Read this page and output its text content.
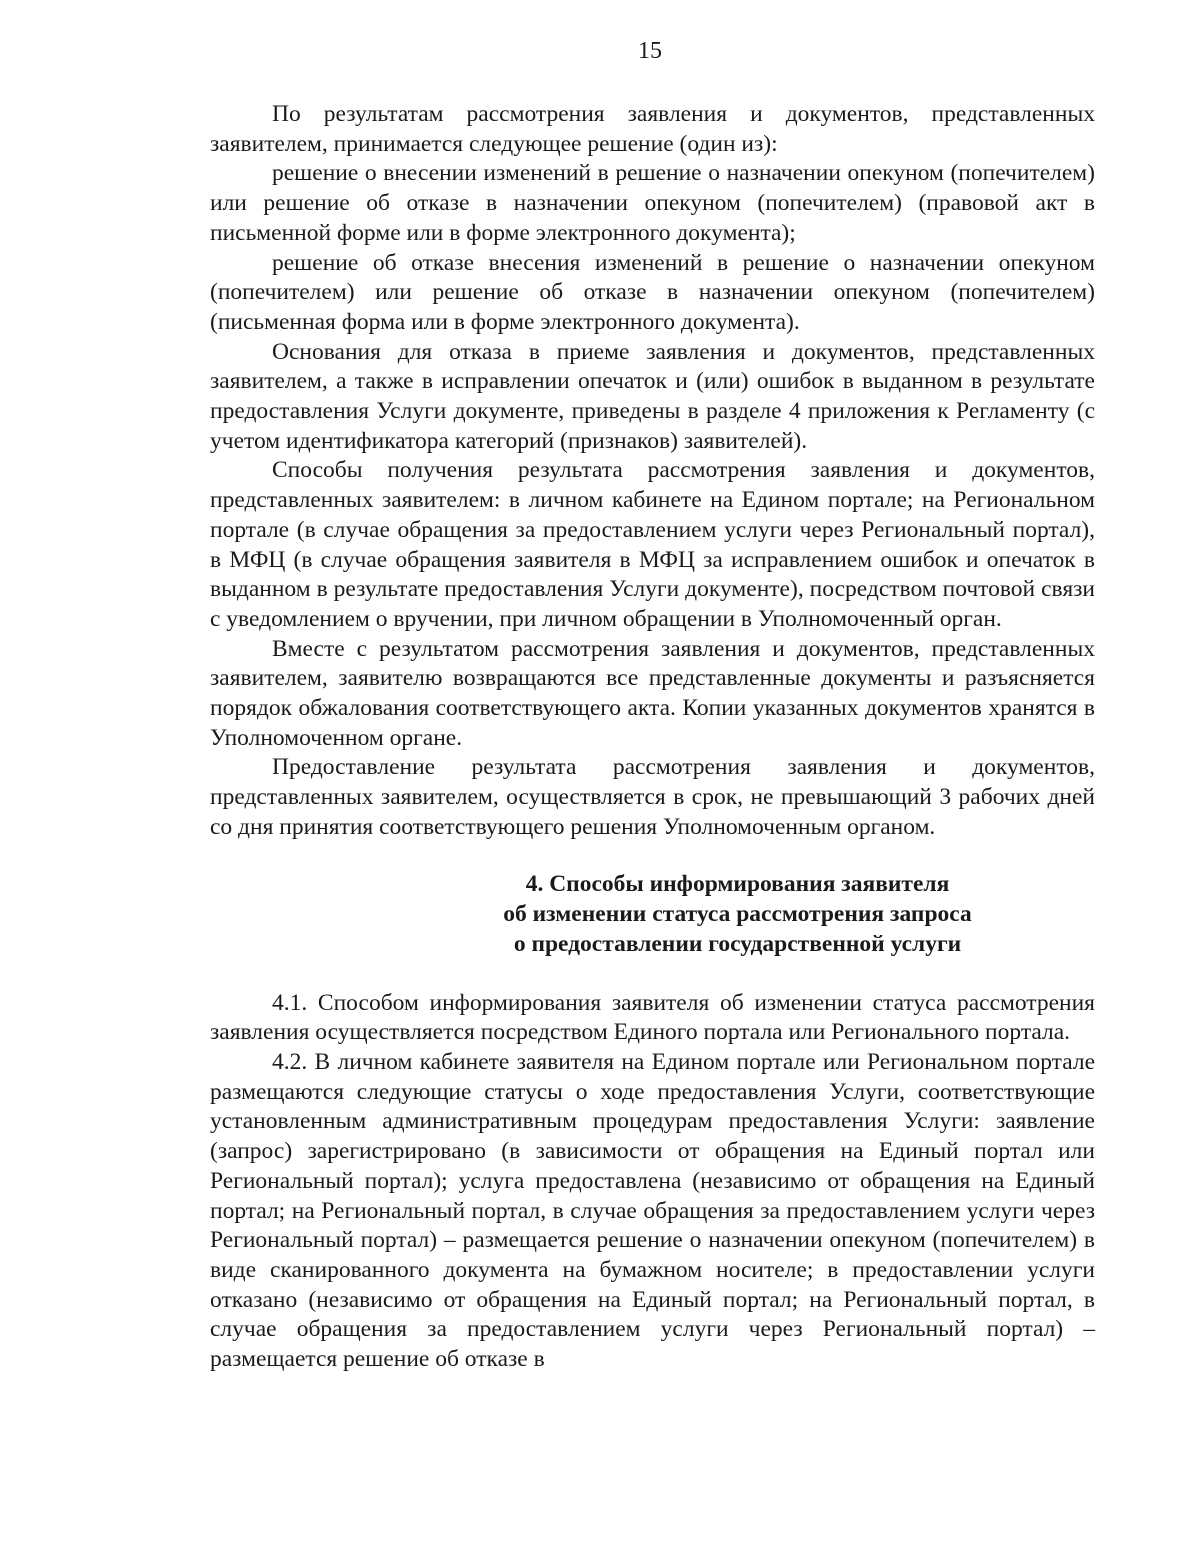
15

По результатам рассмотрения заявления и документов, представленных заявителем, принимается следующее решение (один из):

решение о внесении изменений в решение о назначении опекуном (попечителем) или решение об отказе в назначении опекуном (попечителем) (правовой акт в письменной форме или в форме электронного документа);

решение об отказе внесения изменений в решение о назначении опекуном (попечителем) или решение об отказе в назначении опекуном (попечителем) (письменная форма или в форме электронного документа).

Основания для отказа в приеме заявления и документов, представленных заявителем, а также в исправлении опечаток и (или) ошибок в выданном в результате предоставления Услуги документе, приведены в разделе 4 приложения к Регламенту (с учетом идентификатора категорий (признаков) заявителей).

Способы получения результата рассмотрения заявления и документов, представленных заявителем: в личном кабинете на Едином портале; на Региональном портале (в случае обращения за предоставлением услуги через Региональный портал), в МФЦ (в случае обращения заявителя в МФЦ за исправлением ошибок и опечаток в выданном в результате предоставления Услуги документе), посредством почтовой связи с уведомлением о вручении, при личном обращении в Уполномоченный орган.

Вместе с результатом рассмотрения заявления и документов, представленных заявителем, заявителю возвращаются все представленные документы и разъясняется порядок обжалования соответствующего акта. Копии указанных документов хранятся в Уполномоченном органе.

Предоставление результата рассмотрения заявления и документов, представленных заявителем, осуществляется в срок, не превышающий 3 рабочих дней со дня принятия соответствующего решения Уполномоченным органом.

4. Способы информирования заявителя
об изменении статуса рассмотрения запроса
о предоставлении государственной услуги

4.1. Способом информирования заявителя об изменении статуса рассмотрения заявления осуществляется посредством Единого портала или Регионального портала.

4.2. В личном кабинете заявителя на Едином портале или Региональном портале размещаются следующие статусы о ходе предоставления Услуги, соответствующие установленным административным процедурам предоставления Услуги: заявление (запрос) зарегистрировано (в зависимости от обращения на Единый портал или Региональный портал); услуга предоставлена (независимо от обращения на Единый портал; на Региональный портал, в случае обращения за предоставлением услуги через Региональный портал) – размещается решение о назначении опекуном (попечителем) в виде сканированного документа на бумажном носителе; в предоставлении услуги отказано (независимо от обращения на Единый портал; на Региональный портал, в случае обращения за предоставлением услуги через Региональный портал) – размещается решение об отказе в
